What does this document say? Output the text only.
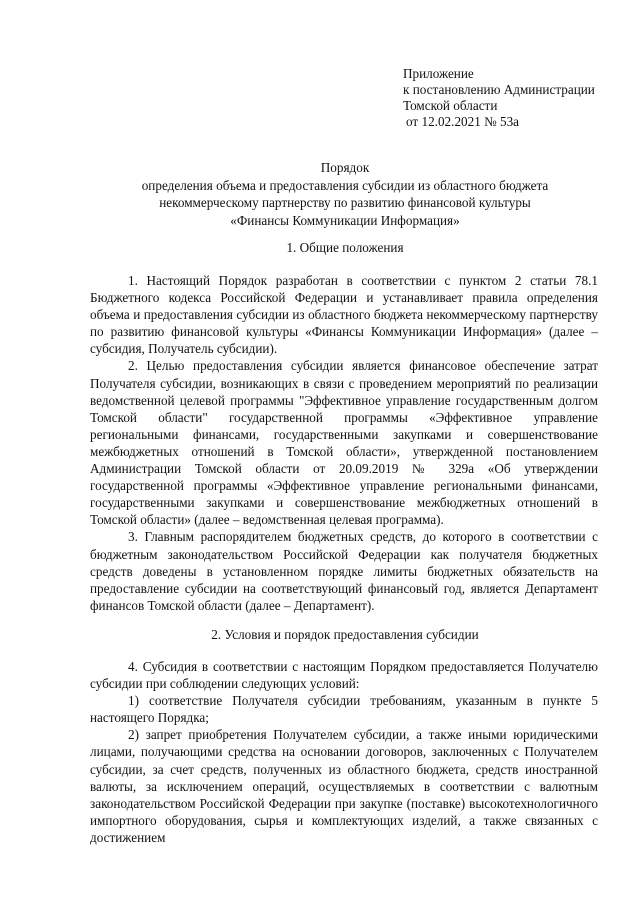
Приложение
к постановлению Администрации
Томской области
от 12.02.2021 № 53а
Порядок
определения объема и предоставления субсидии из областного бюджета
некоммерческому партнерству по развитию финансовой культуры
«Финансы Коммуникации Информация»
1. Общие положения

1. Настоящий Порядок разработан в соответствии с пунктом 2 статьи 78.1 Бюджетного кодекса Российской Федерации и устанавливает правила определения объема и предоставления субсидии из областного бюджета некоммерческому партнерству по развитию финансовой культуры «Финансы Коммуникации Информация» (далее – субсидия, Получатель субсидии).

2. Целью предоставления субсидии является финансовое обеспечение затрат Получателя субсидии, возникающих в связи с проведением мероприятий по реализации ведомственной целевой программы "Эффективное управление государственным долгом Томской области" государственной программы «Эффективное управление региональными финансами, государственными закупками и совершенствование межбюджетных отношений в Томской области», утвержденной постановлением Администрации Томской области от 20.09.2019 № 329а «Об утверждении государственной программы «Эффективное управление региональными финансами, государственными закупками и совершенствование межбюджетных отношений в Томской области» (далее – ведомственная целевая программа).

3. Главным распорядителем бюджетных средств, до которого в соответствии с бюджетным законодательством Российской Федерации как получателя бюджетных средств доведены в установленном порядке лимиты бюджетных обязательств на предоставление субсидии на соответствующий финансовый год, является Департамент финансов Томской области (далее – Департамент).

2. Условия и порядок предоставления субсидии

4. Субсидия в соответствии с настоящим Порядком предоставляется Получателю субсидии при соблюдении следующих условий:

1) соответствие Получателя субсидии требованиям, указанным в пункте 5 настоящего Порядка;

2) запрет приобретения Получателем субсидии, а также иными юридическими лицами, получающими средства на основании договоров, заключенных с Получателем субсидии, за счет средств, полученных из областного бюджета, средств иностранной валюты, за исключением операций, осуществляемых в соответствии с валютным законодательством Российской Федерации при закупке (поставке) высокотехнологичного импортного оборудования, сырья и комплектующих изделий, а также связанных с достижением
